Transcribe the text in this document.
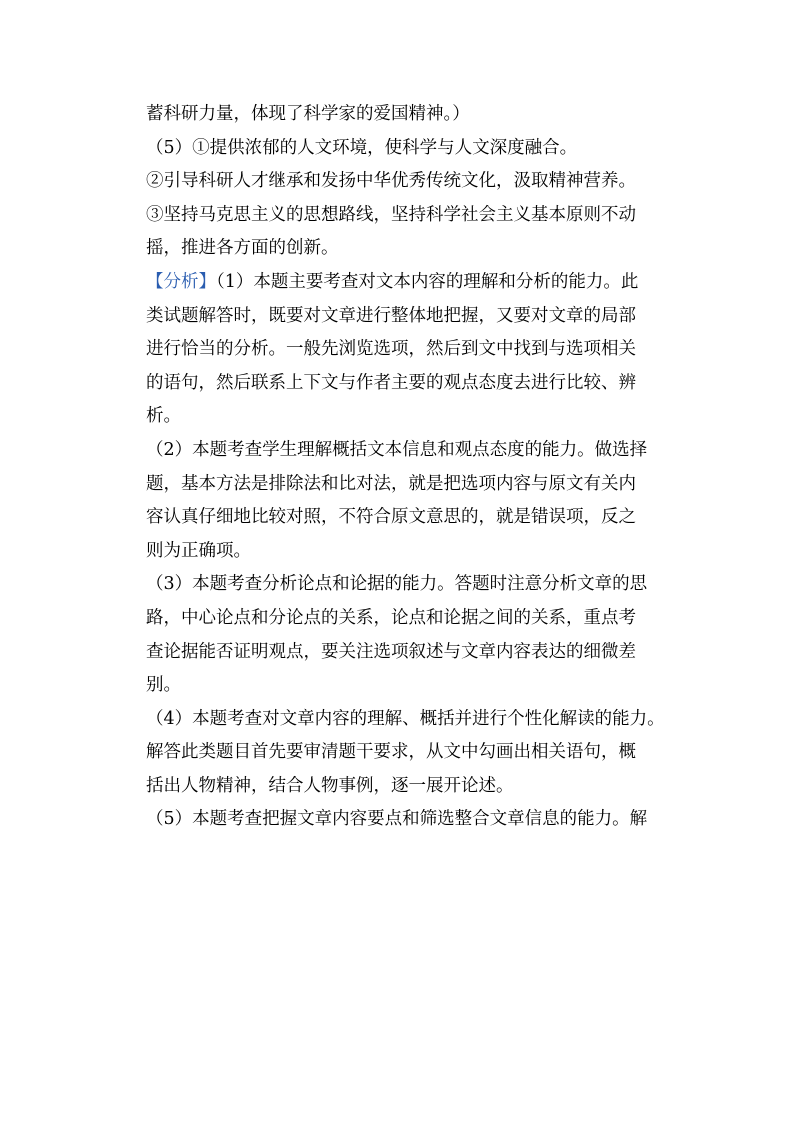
蓄科研力量，体现了科学家的爱国精神。）
（5）①提供浓郁的人文环境，使科学与人文深度融合。
②引导科研人才继承和发扬中华优秀传统文化，汲取精神营养。
③坚持马克思主义的思想路线，坚持科学社会主义基本原则不动
摇，推进各方面的创新。
【分析】（1）本题主要考查对文本内容的理解和分析的能力。此
类试题解答时，既要对文章进行整体地把握，又要对文章的局部
进行恰当的分析。一般先浏览选项，然后到文中找到与选项相关
的语句，然后联系上下文与作者主要的观点态度去进行比较、辨
析。
（2）本题考查学生理解概括文本信息和观点态度的能力。做选择
题，基本方法是排除法和比对法，就是把选项内容与原文有关内
容认真仔细地比较对照，不符合原文意思的，就是错误项，反之
则为正确项。
（3）本题考查分析论点和论据的能力。答题时注意分析文章的思
路，中心论点和分论点的关系，论点和论据之间的关系，重点考
查论据能否证明观点，要关注选项叙述与文章内容表达的细微差
别。
（4）本题考查对文章内容的理解、概括并进行个性化解读的能力。
解答此类题目首先要审清题干要求，从文中勾画出相关语句，概
括出人物精神，结合人物事例，逐一展开论述。
（5）本题考查把握文章内容要点和筛选整合文章信息的能力。解
